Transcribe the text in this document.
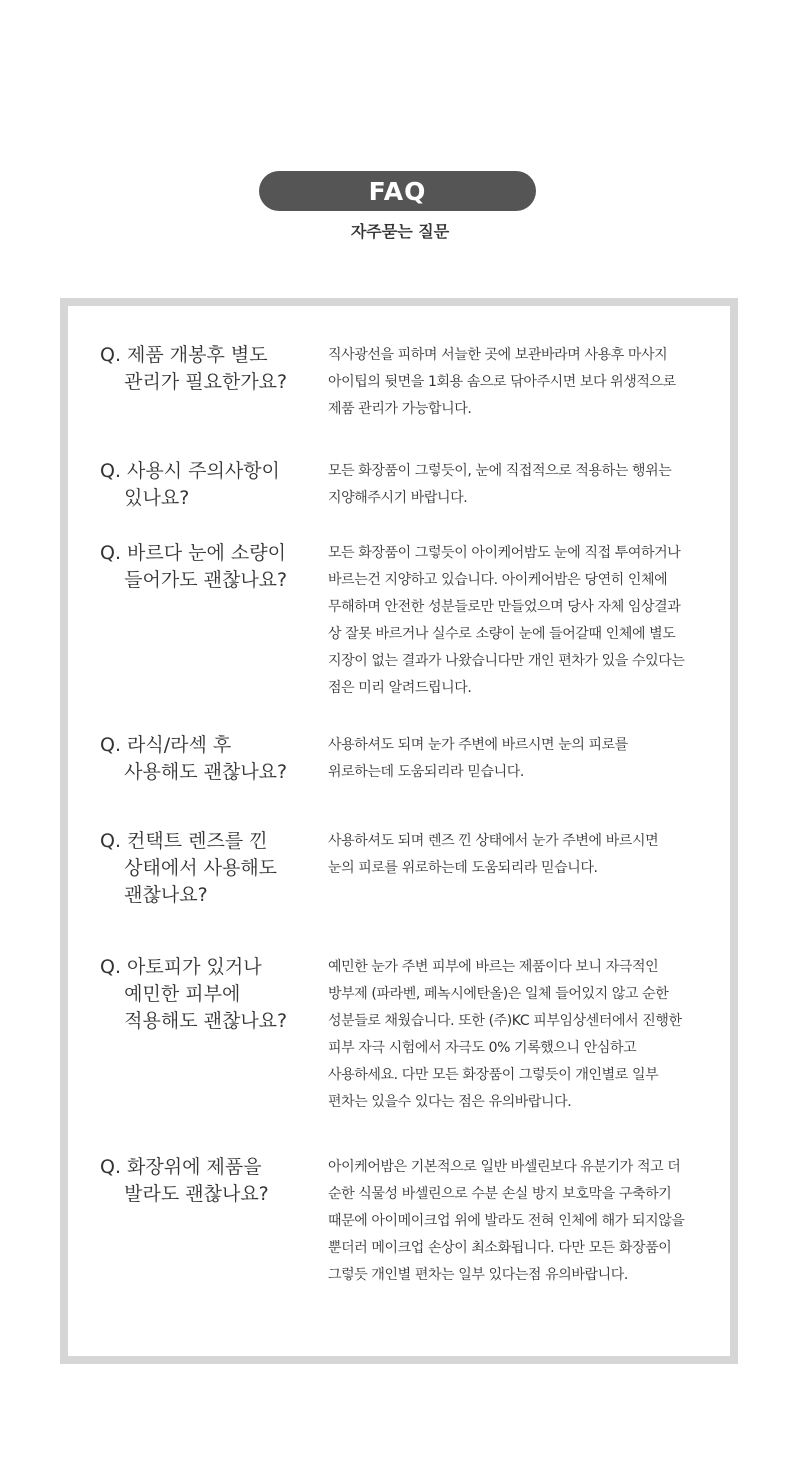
FAQ
자주묻는 질문
Q. 제품 개봉후 별도
관리가 필요한가요?
직사광선을 피하며 서늘한 곳에 보관바라며 사용후 마사지
아이팁의 뒷면을 1회용 솜으로 닦아주시면 보다 위생적으로
제품 관리가 가능합니다.
Q. 사용시 주의사항이
있나요?
모든 화장품이 그렇듯이, 눈에 직접적으로 적용하는 행위는
지양해주시기 바랍니다.
Q. 바르다 눈에 소량이
들어가도 괜찮나요?
모든 화장품이 그렇듯이 아이케어밤도 눈에 직접 투여하거나
바르는건 지양하고 있습니다. 아이케어밤은 당연히 인체에
무해하며 안전한 성분들로만 만들었으며 당사 자체 임상결과
상 잘못 바르거나 실수로 소량이 눈에 들어갈때 인체에 별도
지장이 없는 결과가 나왔습니다만 개인 편차가 있을 수있다는
점은 미리 알려드립니다.
Q. 라식/라섹 후
사용해도 괜찮나요?
사용하셔도 되며 눈가 주변에 바르시면 눈의 피로를
위로하는데 도움되리라 믿습니다.
Q. 컨택트 렌즈를 낀
상태에서 사용해도
괜찮나요?
사용하셔도 되며 렌즈 낀 상태에서 눈가 주변에 바르시면
눈의 피로를 위로하는데 도움되리라 믿습니다.
Q. 아토피가 있거나
예민한 피부에
적용해도 괜찮나요?
예민한 눈가 주변 피부에 바르는 제품이다 보니 자극적인
방부제 (파라벤, 페녹시에탄올)은 일체 들어있지 않고 순한
성분들로 채웠습니다. 또한 (주)KC 피부임상센터에서 진행한
피부 자극 시험에서 자극도 0% 기록했으니 안심하고
사용하세요. 다만 모든 화장품이 그렇듯이 개인별로 일부
편차는 있을수 있다는 점은 유의바랍니다.
Q. 화장위에 제품을
발라도 괜찮나요?
아이케어밤은 기본적으로 일반 바셀린보다 유분기가 적고 더
순한 식물성 바셀린으로 수분 손실 방지 보호막을 구축하기
때문에 아이메이크업 위에 발라도 전혀 인체에 해가 되지않을
뿐더러 메이크업 손상이 최소화됩니다. 다만 모든 화장품이
그렇듯 개인별 편차는 일부 있다는점 유의바랍니다.
